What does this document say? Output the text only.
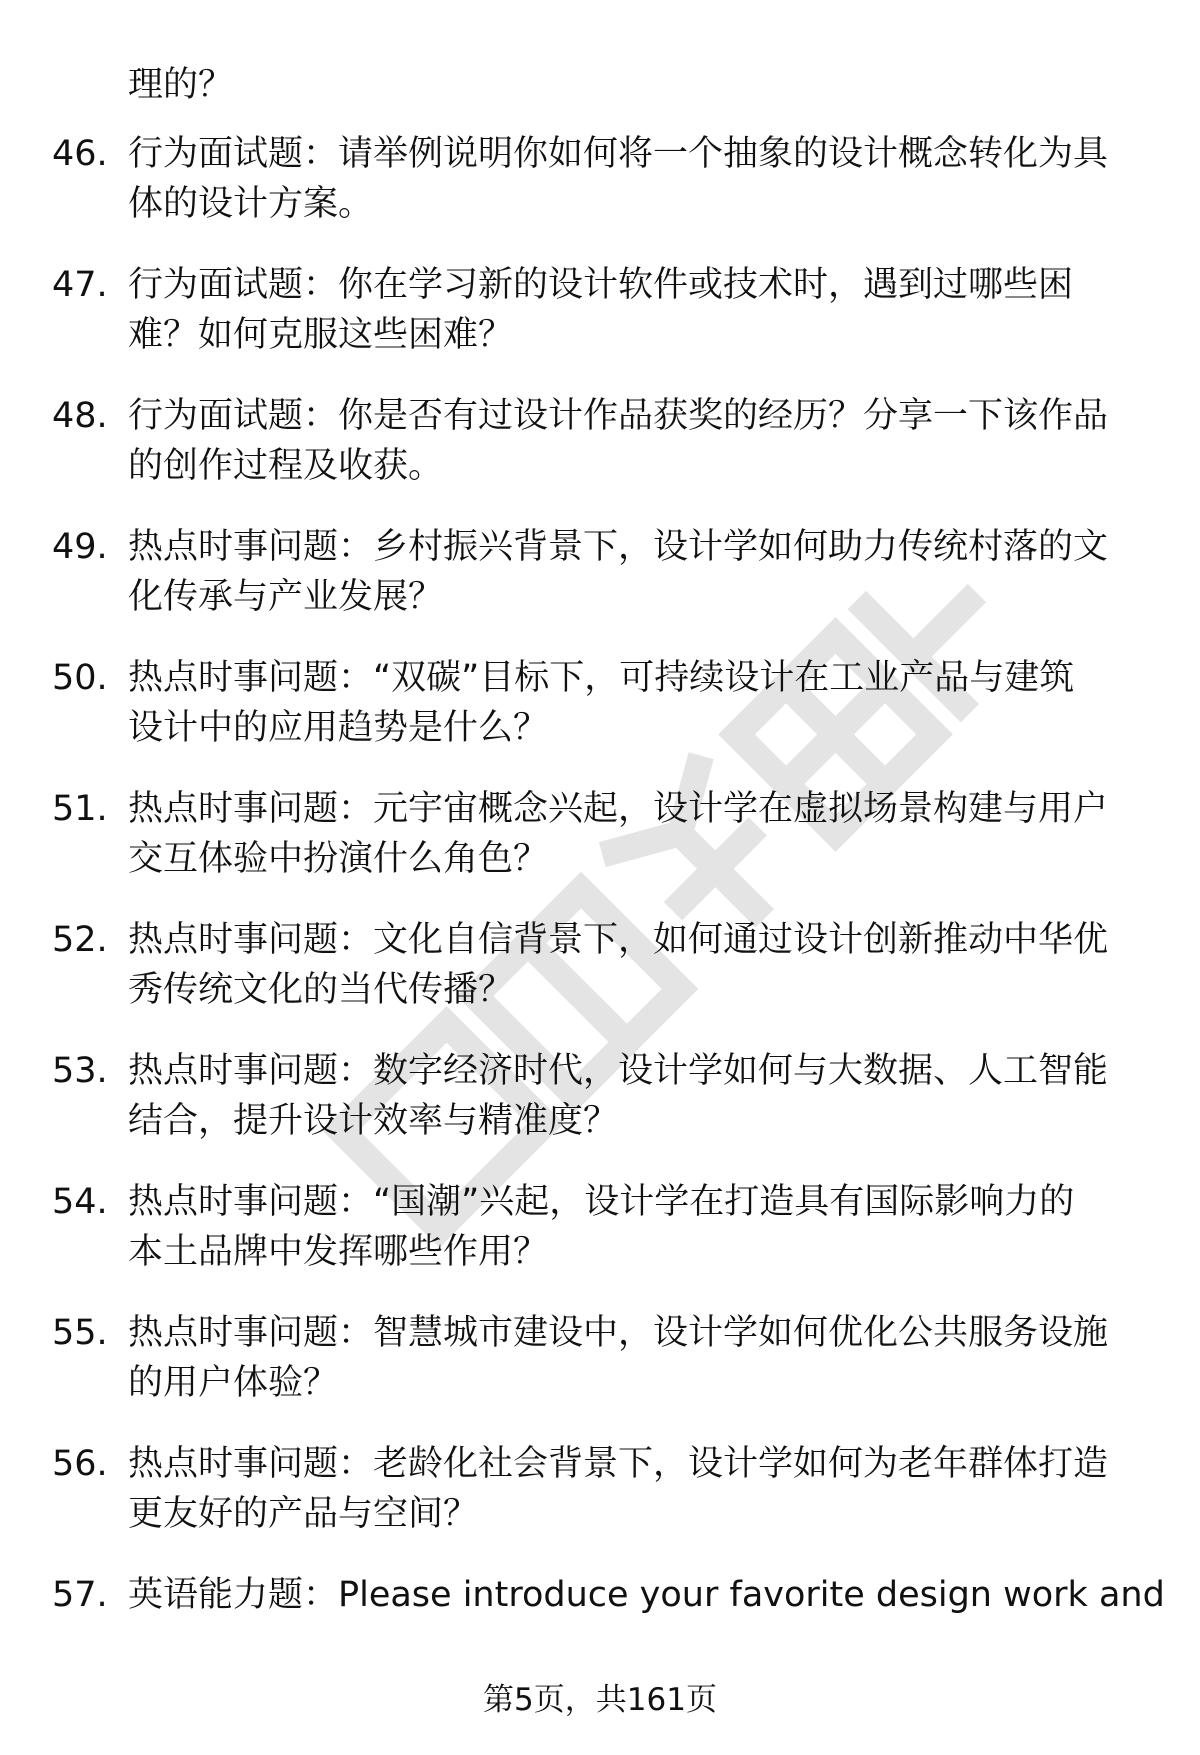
理的？
46. 行为面试题：请举例说明你如何将一个抽象的设计概念转化为具
体的设计方案。
47. 行为面试题：你在学习新的设计软件或技术时，遇到过哪些困
难？如何克服这些困难？
48. 行为面试题：你是否有过设计作品获奖的经历？分享一下该作品
的创作过程及收获。
49. 热点时事问题：乡村振兴背景下，设计学如何助力传统村落的文
化传承与产业发展？
50. 热点时事问题：“双碳”目标下，可持续设计在工业产品与建筑
设计中的应用趋势是什么？
51. 热点时事问题：元宇宙概念兴起，设计学在虚拟场景构建与用户
交互体验中扮演什么角色？
52. 热点时事问题：文化自信背景下，如何通过设计创新推动中华优
秀传统文化的当代传播？
53. 热点时事问题：数字经济时代，设计学如何与大数据、人工智能
结合，提升设计效率与精准度？
54. 热点时事问题：“国潮”兴起，设计学在打造具有国际影响力的
本土品牌中发挥哪些作用？
55. 热点时事问题：智慧城市建设中，设计学如何优化公共服务设施
的用户体验？
56. 热点时事问题：老龄化社会背景下，设计学如何为老年群体打造
更友好的产品与空间？
57. 英语能力题：Please introduce your favorite design work and
第5页，共161页
